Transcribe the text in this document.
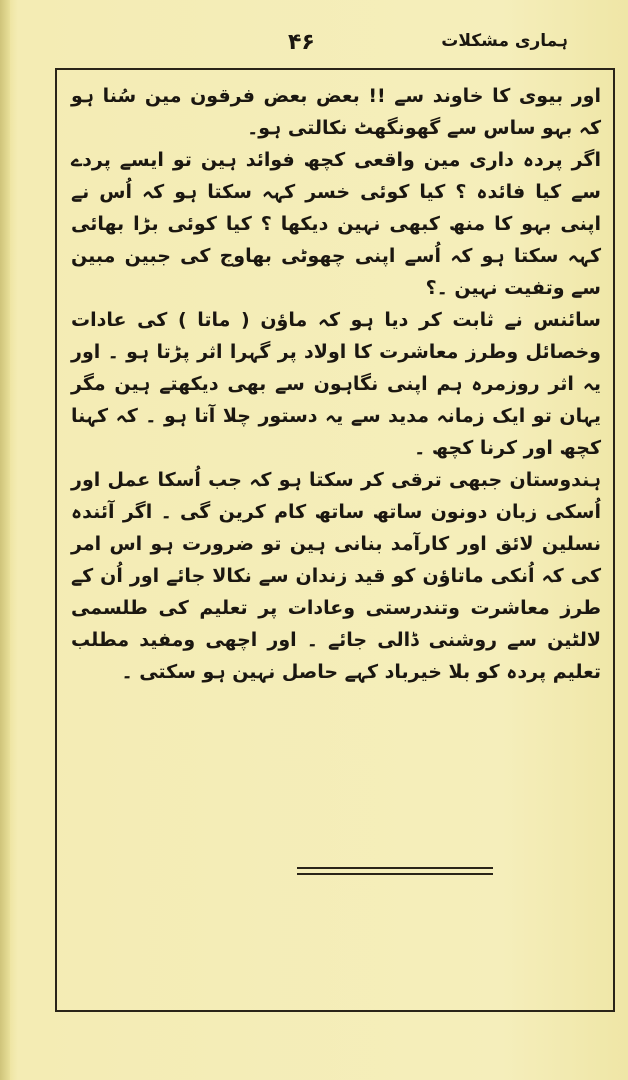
ہماری مشکلات
۴۶

اور بیوی کا خاوند سے !! بعض بعض فرقون مین سُنا ہو کہ بہو ساس سے گھونگھٹ نکالتی ہو۔

اگر پردہ داری مین واقعی کچھ فوائد ہین تو ایسے پردے سے کیا فائدہ ؟ کیا کوئی خسر کہہ سکتا ہو کہ اُس نے اپنی بہو کا منھ کبھی نہین دیکھا ؟ کیا کوئی بڑا بھائی کہہ سکتا ہو کہ اُسے اپنی چھوٹی بھاوج کی جبین مبین سے وتفیت نہین ۔؟

سائنس نے ثابت کر دیا ہو کہ ماؤن ( ماتا ) کی عادات وخصائل وطرز معاشرت کا اولاد پر گہرا اثر پڑتا ہو ۔ اور یہ اثر روزمرہ ہم اپنی نگاہون سے بھی دیکھتے ہین مگر یہان تو ایک زمانہ مدید سے یہ دستور چلا آتا ہو ۔ کہ کہنا کچھ اور کرنا کچھ ۔

ہندوستان جبھی ترقی کر سکتا ہو کہ جب اُسکا عمل اور اُسکی زبان دونون ساتھ ساتھ کام کرین گی ۔ اگر آئندہ نسلین لائق اور کارآمد بنانی ہین تو ضرورت ہو اس امر کی کہ اُنکی ماتاؤن کو قید زندان سے نکالا جائے اور اُن کے طرز معاشرت وتندرستی وعادات پر تعلیم کی طلسمی لالٹین سے روشنی ڈالی جائے ۔ اور اچھی ومفید مطلب تعلیم پردہ کو بلا خیرباد کہے حاصل نہین ہو سکتی ۔
